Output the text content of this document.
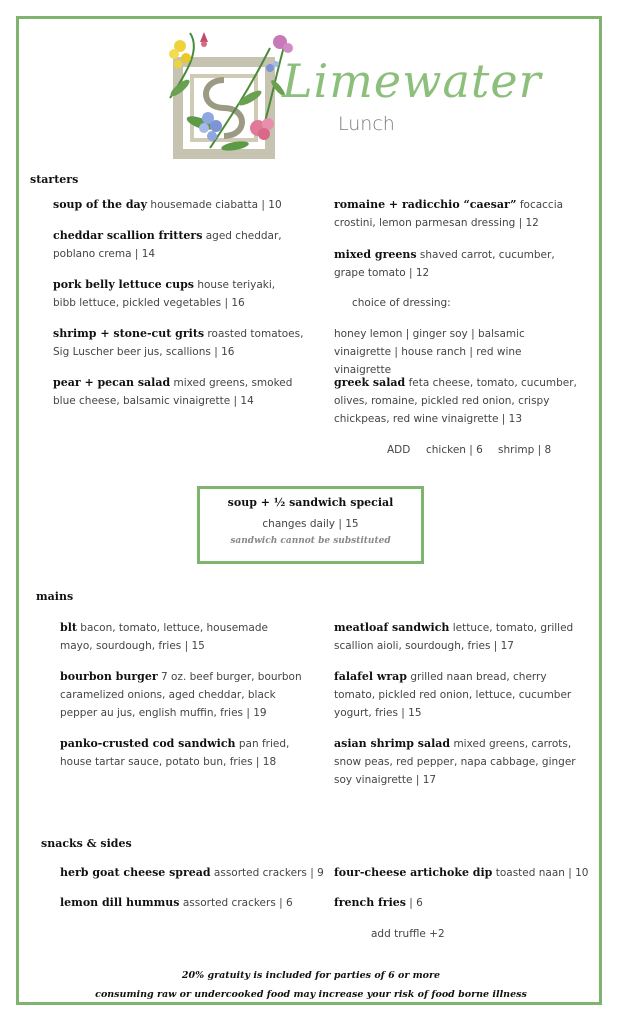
Limewater
Lunch
starters
soup of the day housemade ciabatta | 10
cheddar scallion fritters aged cheddar, poblano crema | 14
pork belly lettuce cups house teriyaki, bibb lettuce, pickled vegetables | 16
shrimp + stone-cut grits roasted tomatoes, Sig Luscher beer jus, scallions | 16
pear + pecan salad mixed greens, smoked blue cheese, balsamic vinaigrette | 14
romaine + radicchio “caesar” focaccia crostini, lemon parmesan dressing | 12
mixed greens shaved carrot, cucumber, grape tomato | 12
choice of dressing:
honey lemon | ginger soy | balsamic vinaigrette | house ranch | red wine vinaigrette
greek salad feta cheese, tomato, cucumber, olives, romaine, pickled red onion, crispy chickpeas, red wine vinaigrette | 13
ADD chicken | 6 shrimp | 8
soup + ½ sandwich special
changes daily | 15
sandwich cannot be substituted
mains
blt bacon, tomato, lettuce, housemade mayo, sourdough, fries | 15
bourbon burger 7 oz. beef burger, bourbon caramelized onions, aged cheddar, black pepper au jus, english muffin, fries | 19
panko-crusted cod sandwich pan fried, house tartar sauce, potato bun, fries | 18
meatloaf sandwich lettuce, tomato, grilled scallion aioli, sourdough, fries | 17
falafel wrap grilled naan bread, cherry tomato, pickled red onion, lettuce, cucumber yogurt, fries | 15
asian shrimp salad mixed greens, carrots, snow peas, red pepper, napa cabbage, ginger soy vinaigrette | 17
snacks & sides
herb goat cheese spread assorted crackers | 9
lemon dill hummus assorted crackers | 6
four-cheese artichoke dip toasted naan | 10
french fries | 6
add truffle +2
20% gratuity is included for parties of 6 or more
consuming raw or undercooked food may increase your risk of food borne illness
